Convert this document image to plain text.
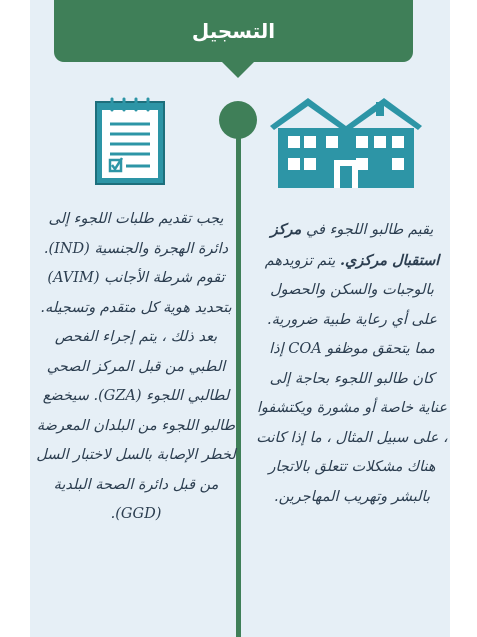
التسجيل
يجب تقديم طلبات اللجوء إلى دائرة الهجرة والجنسية (IND). تقوم شرطة الأجانب (AVIM) بتحديد هوية كل متقدم وتسجيله. بعد ذلك ، يتم إجراء الفحص الطبي من قبل المركز الصحي لطالبي اللجوء (GZA). سيخضع طالبو اللجوء من البلدان المعرضة لخطر الإصابة بالسل لاختبار السل من قبل دائرة الصحة البلدية (GGD).
يقيم طالبو اللجوء في مركز استقبال مركزي. يتم تزويدهم بالوجبات والسكن والحصول على أي رعاية طبية ضرورية. مما يتحقق موظفو COA إذا كان طالبو اللجوء بحاجة إلى عناية خاصة أو مشورة ويكتشفوا ، على سبيل المثال ، ما إذا كانت هناك مشكلات تتعلق بالاتجار بالبشر وتهريب المهاجرين.
